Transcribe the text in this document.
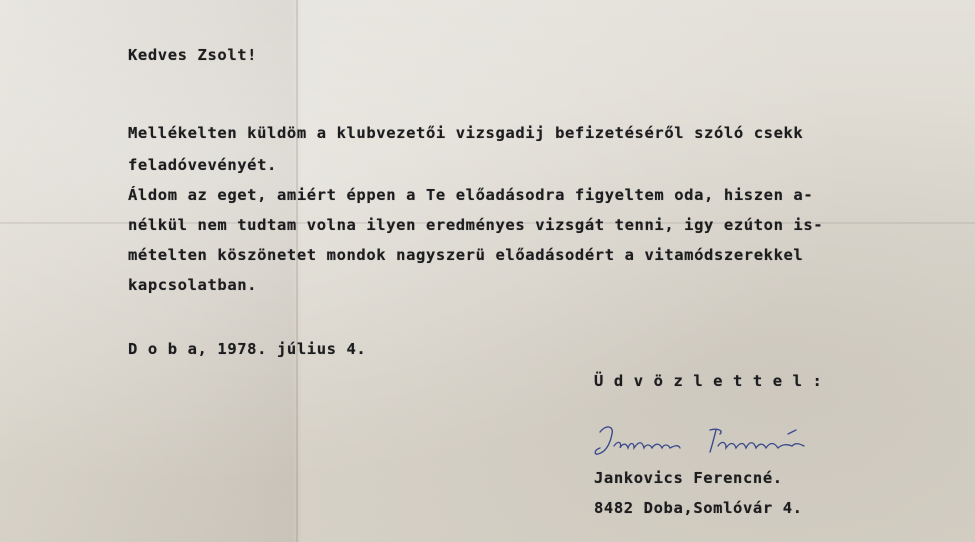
Kedves Zsolt!
Mellékelten küldöm a klubvezetői vizsgadij befizetéséről szóló csekk
feladóvevényét.
Áldom az eget, amiért éppen a Te előadásodra figyeltem oda, hiszen a-
nélkül nem tudtam volna ilyen eredményes vizsgát tenni, igy ezúton is-
mételten köszönetet mondok nagyszerü előadásodért a vitamódszerekkel
kapcsolatban.
D o b a, 1978. július 4.
Ü d v ö z l e t t e l :
Jankovics Ferencné.
8482 Doba,Somlóvár 4.
